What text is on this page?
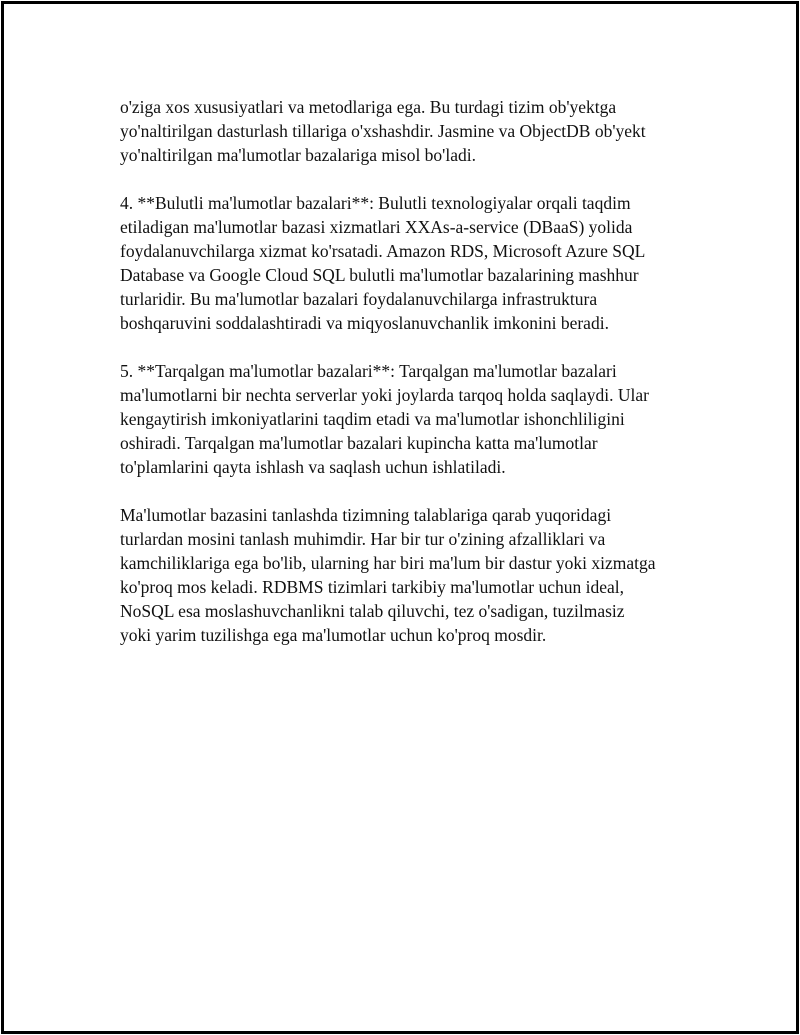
o'ziga xos xususiyatlari va metodlariga ega. Bu turdagi tizim ob'yektga
yo'naltirilgan dasturlash tillariga o'xshashdir. Jasmine va ObjectDB ob'yekt
yo'naltirilgan ma'lumotlar bazalariga misol bo'ladi.

4. **Bulutli ma'lumotlar bazalari**: Bulutli texnologiyalar orqali taqdim
etiladigan ma'lumotlar bazasi xizmatlari XXAs-a-service (DBaaS) yolida
foydalanuvchilarga xizmat ko'rsatadi. Amazon RDS, Microsoft Azure SQL
Database va Google Cloud SQL bulutli ma'lumotlar bazalarining mashhur
turlaridir. Bu ma'lumotlar bazalari foydalanuvchilarga infrastruktura
boshqaruvini soddalashtiradi va miqyoslanuvchanlik imkonini beradi.

5. **Tarqalgan ma'lumotlar bazalari**: Tarqalgan ma'lumotlar bazalari
ma'lumotlarni bir nechta serverlar yoki joylarda tarqoq holda saqlaydi. Ular
kengaytirish imkoniyatlarini taqdim etadi va ma'lumotlar ishonchliligini
oshiradi. Tarqalgan ma'lumotlar bazalari kupincha katta ma'lumotlar
to'plamlarini qayta ishlash va saqlash uchun ishlatiladi.

Ma'lumotlar bazasini tanlashda tizimning talablariga qarab yuqoridagi
turlardan mosini tanlash muhimdir. Har bir tur o'zining afzalliklari va
kamchiliklariga ega bo'lib, ularning har biri ma'lum bir dastur yoki xizmatga
ko'proq mos keladi. RDBMS tizimlari tarkibiy ma'lumotlar uchun ideal,
NoSQL esa moslashuvchanlikni talab qiluvchi, tez o'sadigan, tuzilmasiz
yoki yarim tuzilishga ega ma'lumotlar uchun ko'proq mosdir.
